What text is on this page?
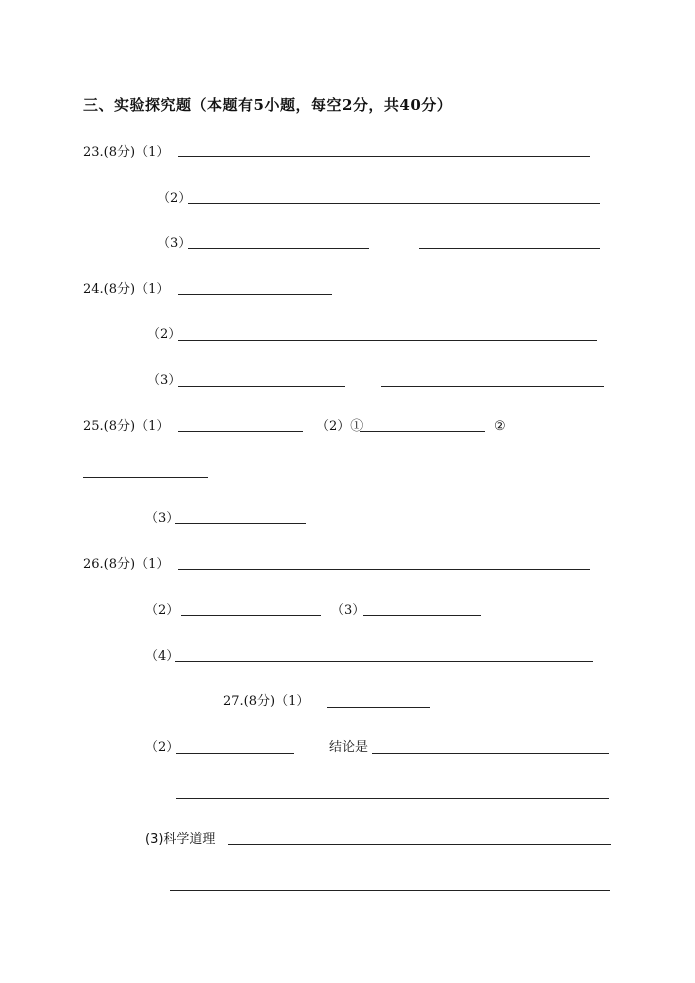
三、实验探究题（本题有5小题，每空2分，共40分）
23.(8分)（1）
（2）
（3）
24.(8分)（1）
（2）
（3）
25.(8分)（1）	（2）①	②
（3）
26.(8分)（1）
（2）	（3）
（4）
27.(8分)（1）
（2）	结论是
(3)科学道理
